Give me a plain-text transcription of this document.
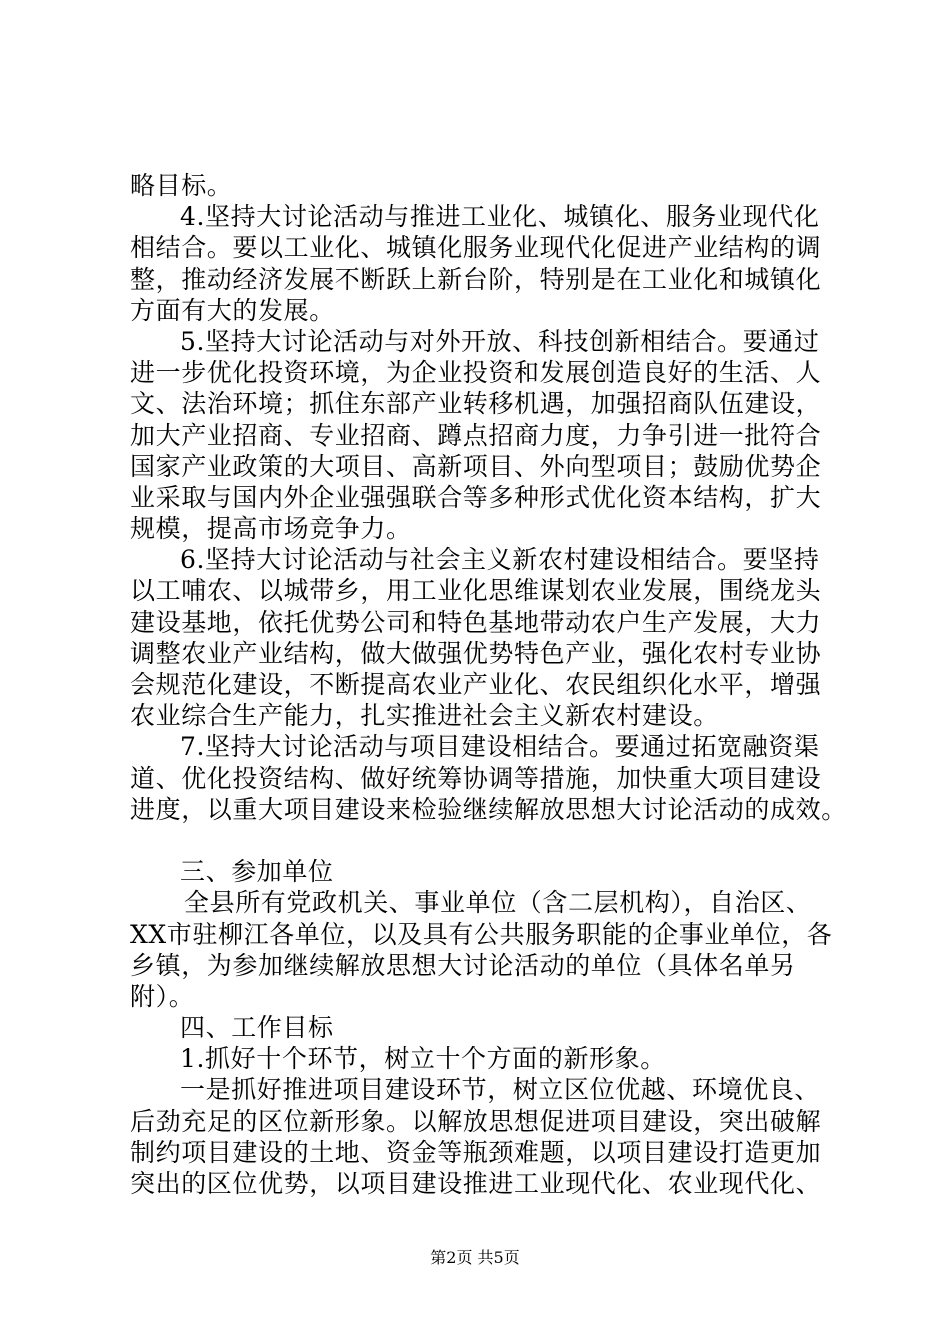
略目标。
4.坚持大讨论活动与推进工业化、城镇化、服务业现代化
相结合。要以工业化、城镇化服务业现代化促进产业结构的调
整，推动经济发展不断跃上新台阶，特别是在工业化和城镇化
方面有大的发展。
5.坚持大讨论活动与对外开放、科技创新相结合。要通过
进一步优化投资环境，为企业投资和发展创造良好的生活、人
文、法治环境；抓住东部产业转移机遇，加强招商队伍建设，
加大产业招商、专业招商、蹲点招商力度，力争引进一批符合
国家产业政策的大项目、高新项目、外向型项目；鼓励优势企
业采取与国内外企业强强联合等多种形式优化资本结构，扩大
规模，提高市场竞争力。
6.坚持大讨论活动与社会主义新农村建设相结合。要坚持
以工哺农、以城带乡，用工业化思维谋划农业发展，围绕龙头
建设基地，依托优势公司和特色基地带动农户生产发展，大力
调整农业产业结构，做大做强优势特色产业，强化农村专业协
会规范化建设，不断提高农业产业化、农民组织化水平，增强
农业综合生产能力，扎实推进社会主义新农村建设。
7.坚持大讨论活动与项目建设相结合。要通过拓宽融资渠
道、优化投资结构、做好统筹协调等措施，加快重大项目建设
进度，以重大项目建设来检验继续解放思想大讨论活动的成效。
三、参加单位
全县所有党政机关、事业单位（含二层机构），自治区、
XX市驻柳江各单位，以及具有公共服务职能的企事业单位，各
乡镇，为参加继续解放思想大讨论活动的单位（具体名单另
附）。
四、工作目标
1.抓好十个环节，树立十个方面的新形象。
一是抓好推进项目建设环节，树立区位优越、环境优良、
后劲充足的区位新形象。以解放思想促进项目建设，突出破解
制约项目建设的土地、资金等瓶颈难题，以项目建设打造更加
突出的区位优势，以项目建设推进工业现代化、农业现代化、
第2页 共5页
